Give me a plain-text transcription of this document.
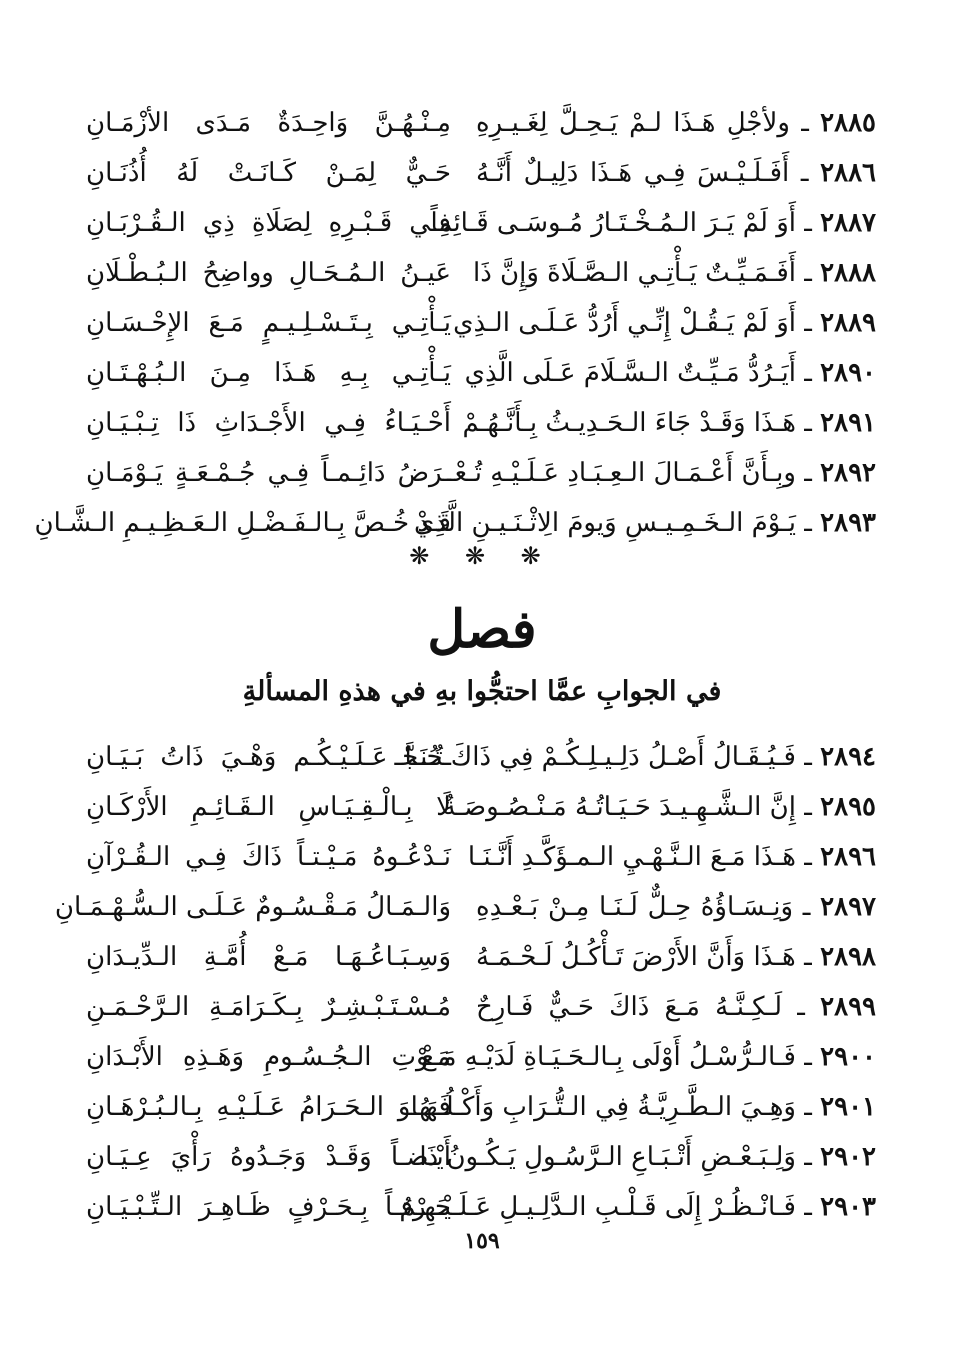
٢٨٨٥ ـ ولأجْلِ هَـذَا لـمْ يَـحِـلَّ لِغَـيـرِهِ
مِـنْـهُـنَّ وَاحِـدَةٌ مَـدَى الأزْمَـانِ
٢٨٨٦ ـ أَفَـلَـيْـسَ فِـي هَـذَا دَلِيـلٌ أَنَّـهُ
حَـيٌّ لِمَـنْ كَـانَـتْ لَهُ أُذُنَـانِ
٢٨٨٧ ـ أَوَ لَمْ يَـرَ الـمُـخْـتَـارُ مُـوسَـى قَـائِماً
فِـي قَـبْـرِهِ لِصَلَاةِ ذِي الـقُـرْبَـانِ
٢٨٨٨ ـ أَفَـمَـيِّـتٌ يَـأْتِـي الـصَّـلَاةَ وَإِنَّ ذَا
عَيـنُ الـمُـحَـالِ وواضِحُ الـبُـطْـلَانِ
٢٨٨٩ ـ أَوَ لَمْ يَـقُـلْ إِنِّـي أَرُدُّ عَـلَـى الـذِي
يَـأْتِـي بِـتَـسْـلِـيـمٍ مَـعَ الإِحْـسَـانِ
٢٨٩٠ ـ أَيَـرُدُّ مَـيِّـتٌ الـسَّـلَامَ عَـلَى الَّذِي
يَـأْتِـي بِـهِ هَـذَا مِـنَ الـبُـهْـتَـانِ
٢٨٩١ ـ هَـذَا وَقَـدْ جَاءَ الـحَـدِيـثُ بِـأَنَّـهُـمْ
أَحْـيَـاءُ فِـي الأَجْـدَاثِ ذَا تِـبْـيَـانِ
٢٨٩٢ ـ وبِـأَنَّ أَعْـمَـالَ الـعِـبَـادِ عَـلَـيْـهِ تُـعْـ
ـرَضُ دَائِـمـاً فِـي جُـمْـعَـةٍ يَـوْمَـانِ
٢٨٩٣ ـ يَـوْمَ الـخَـمِـيـسِ وَيومَ الِاثْـنَـيـنِ الَّذِي
قَـدْ خُـصَّ بِـالـفَـضْـلِ الـعَـظِـيـمِ الـشَّـانِ
❋ ❋ ❋
فصل
في الجوابِ عمَّا احتجُّوا بهِ في هذهِ المسألةِ
٢٨٩٤ ـ فَـيُـقَـالُ أَصْـلُ دَلِـيـلِـكُـمْ فِي ذَاكَ حُـجَّـ
ـتُـنَـا عَـلَـيْـكُـم وَهْـيَ ذَاتُ بَـيَـانِ
٢٨٩٥ ـ إِنَّ الـشَّـهِـيـدَ حَـيَـاتُـهُ مَـنْـصُـوصَـةٌ
لَا بِـالْـقِـيَـاسِ الـقَـائِـمِ الأَرْكَـانِ
٢٨٩٦ ـ هَـذَا مَـعَ الـنَّـهْـيِ الـمـؤَكَّـدِ أَنَّـنَـا
نَـدْعُـوهُ مَـيْـتـاً ذَاكَ فِـي الـقُـرْآنِ
٢٨٩٧ ـ وَنِـسَـاؤُهُ حِـلٌّ لَـنَـا مِـنْ بَـعْـدِهِ
وَالـمَـالُ مَـقْـسُـومٌ عَـلَـى الـسُّـهْـمَـانِ
٢٨٩٨ ـ هَـذَا وَأَنَّ الأَرْضَ تَـأْكُـلُ لَـحْـمَـهُ
وَسِـبَـاعُـهَـا مَـعْ أُمَّـةِ الـدِّيـدَانِ
٢٨٩٩ ـ لَـكِـنَّـهُ مَـعَ ذَاكَ حَـيٌّ فَـارِحٌ
مُـسْـتَـبْـشِـرٌ بِـكَـرَامَـةِ الـرَّحْـمَـنِ
٢٩٠٠ ـ فَـالـرُّسْـلُ أَوْلَى بِـالـحَـيَـاةِ لَدَيْـهِ مَـعْ
مَـوْتِ الـجُـسُـومِ وَهَـذِهِ الأَبْـدَانِ
٢٩٠١ ـ وَهِـيَ الـطَّـرِيَّـةُ فِي الـتُّـرَابِ وَأَكْـلُـهَـا
فَـهُـوَ الـحَـرَامُ عَـلَـيْـهِ بِـالـبُـرْهَـانِ
٢٩٠٢ ـ وَلِـبَـعْـضِ أَتْـبَـاعِ الـرَّسُـولِ يَـكُـونُ ذَا
أَيْـضـاً وَقَـدْ وَجَـدُوهُ رَأْيَ عِـيَـانِ
٢٩٠٣ ـ فَـانْـظُـرْ إِلَى قَـلْـبِ الـدَّلِـيـلِ عَـلَـيْـهِـمُ
حَـرْفـاً بِـحَـرْفٍ ظَـاهِـرَ الـتِّـبْـيَـانِ
١٥٩
